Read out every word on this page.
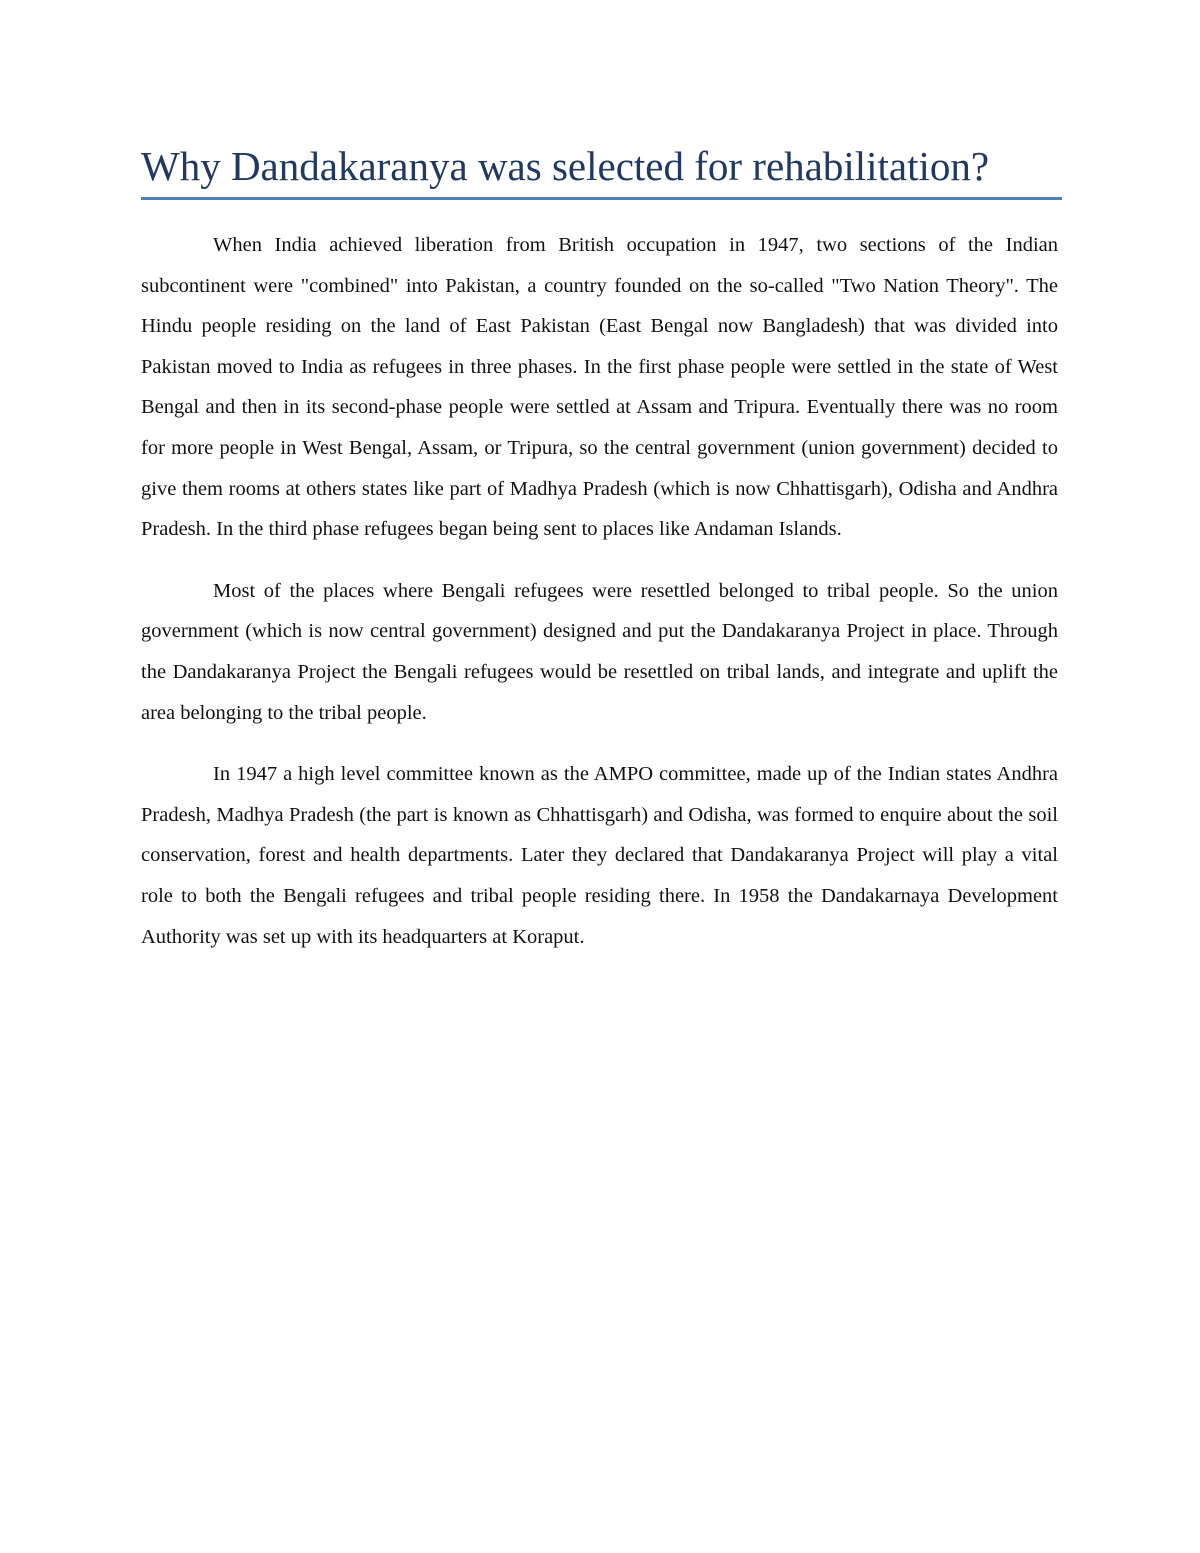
Why Dandakaranya was selected for rehabilitation?

When India achieved liberation from British occupation in 1947, two sections of the Indian subcontinent were "combined" into Pakistan, a country founded on the so-called "Two Nation Theory". The Hindu people residing on the land of East Pakistan (East Bengal now Bangladesh) that was divided into Pakistan moved to India as refugees in three phases. In the first phase people were settled in the state of West Bengal and then in its second-phase people were settled at Assam and Tripura. Eventually there was no room for more people in West Bengal, Assam, or Tripura, so the central government (union government) decided to give them rooms at others states like part of Madhya Pradesh (which is now Chhattisgarh), Odisha and Andhra Pradesh. In the third phase refugees began being sent to places like Andaman Islands.

Most of the places where Bengali refugees were resettled belonged to tribal people. So the union government (which is now central government) designed and put the Dandakaranya Project in place. Through the Dandakaranya Project the Bengali refugees would be resettled on tribal lands, and integrate and uplift the area belonging to the tribal people.

In 1947 a high level committee known as the AMPO committee, made up of the Indian states Andhra Pradesh, Madhya Pradesh (the part is known as Chhattisgarh) and Odisha, was formed to enquire about the soil conservation, forest and health departments. Later they declared that Dandakaranya Project will play a vital role to both the Bengali refugees and tribal people residing there. In 1958 the Dandakarnaya Development Authority was set up with its headquarters at Koraput.
